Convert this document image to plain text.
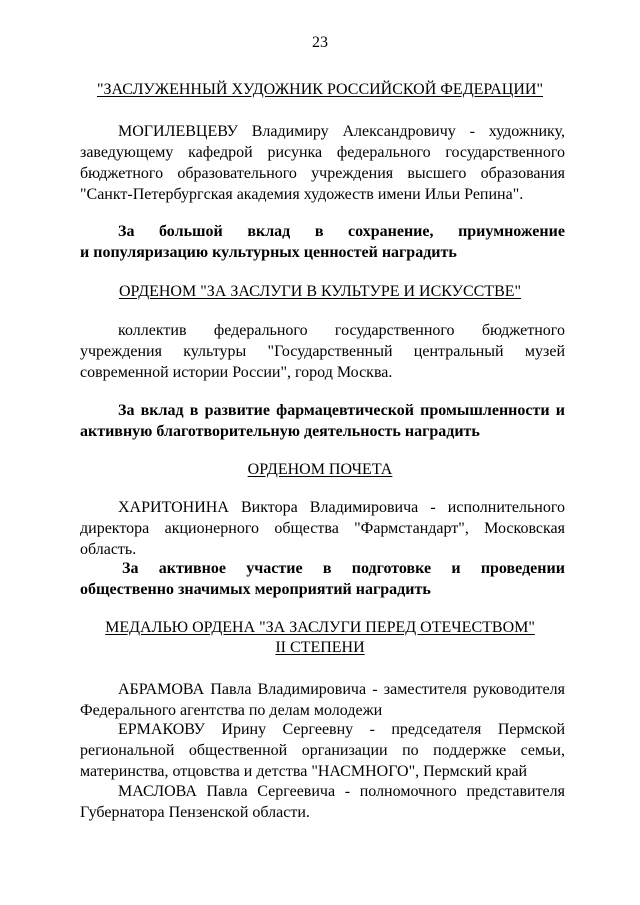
23
"ЗАСЛУЖЕННЫЙ ХУДОЖНИК РОССИЙСКОЙ ФЕДЕРАЦИИ"
МОГИЛЕВЦЕВУ Владимиру Александровичу - художнику, заведующему кафедрой рисунка федерального государственного бюджетного образовательного учреждения высшего образования "Санкт-Петербургская академия художеств имени Ильи Репина".
За большой вклад в сохранение, приумножение

и популяризацию культурных ценностей наградить

ОРДЕНОМ "ЗА ЗАСЛУГИ В КУЛЬТУРЕ И ИСКУССТВЕ"
коллектив федерального государственного бюджетного

учреждения культуры "Государственный центральный музей современной истории России", город Москва.

За вклад в развитие фармацевтической промышленности и активную благотворительную деятельность наградить
ОРДЕНОМ ПОЧЕТА
ХАРИТОНИНА Виктора Владимировича - исполнительного директора акционерного общества "Фармстандарт", Московская область.
За активное участие в подготовке и проведении

общественно значимых мероприятий наградить

МЕДАЛЬЮ ОРДЕНА "ЗА ЗАСЛУГИ ПЕРЕД ОТЕЧЕСТВОМ"
II СТЕПЕНИ
АБРАМОВА Павла Владимировича - заместителя руководителя Федерального агентства по делам молодежи
ЕРМАКОВУ Ирину Сергеевну - председателя Пермской региональной общественной организации по поддержке семьи, материнства, отцовства и детства "НАСМНОГО", Пермский край
МАСЛОВА Павла Сергеевича - полномочного представителя Губернатора Пензенской области.
